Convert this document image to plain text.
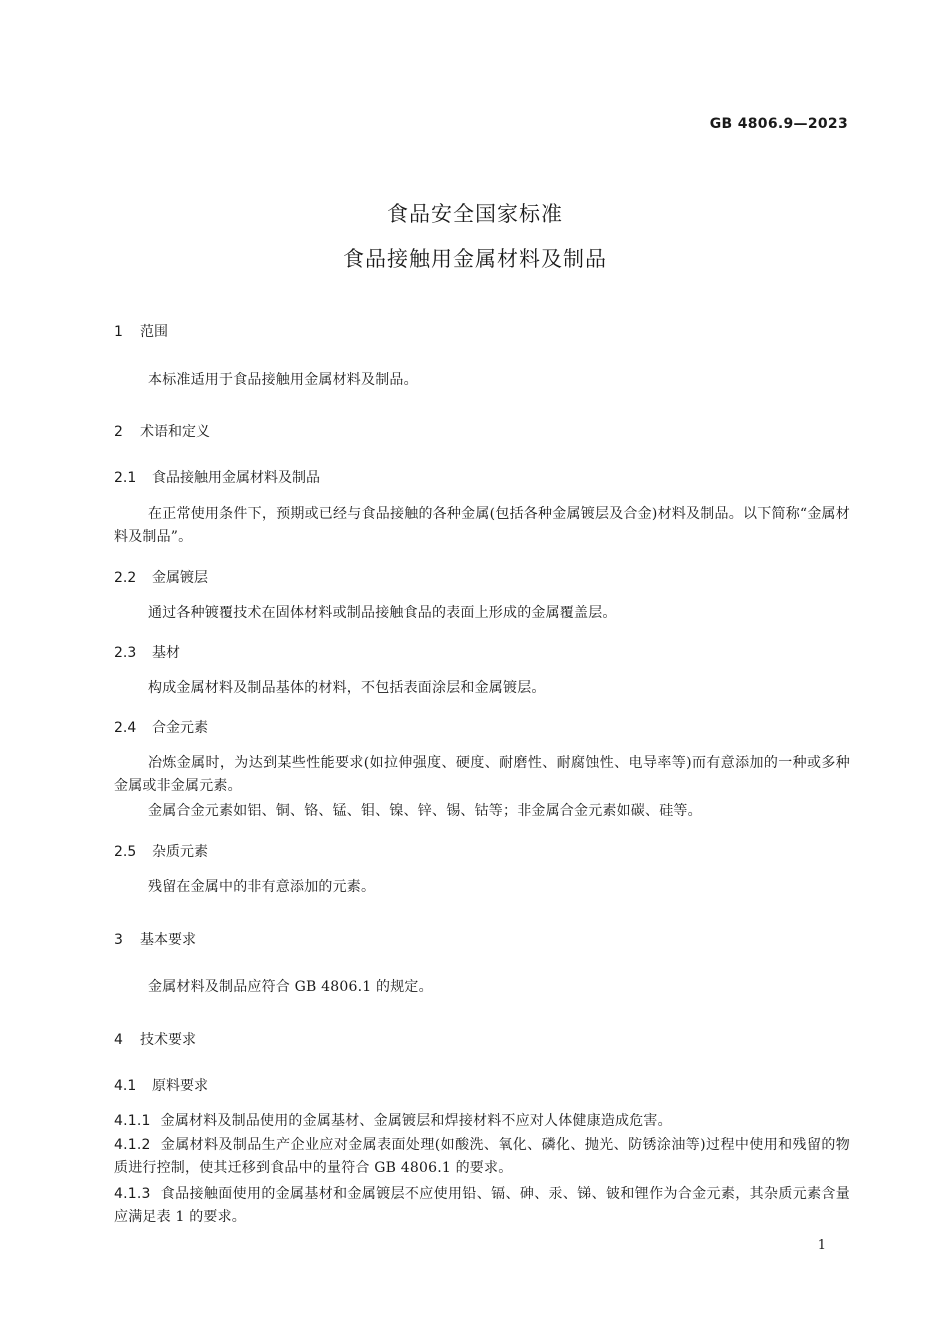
GB 4806.9—2023
食品安全国家标准
食品接触用金属材料及制品
1 范围
本标准适用于食品接触用金属材料及制品。
2 术语和定义
2.1 食品接触用金属材料及制品
在正常使用条件下，预期或已经与食品接触的各种金属(包括各种金属镀层及合金)材料及制品。以下简称“金属材料及制品”。
2.2 金属镀层
通过各种镀覆技术在固体材料或制品接触食品的表面上形成的金属覆盖层。
2.3 基材
构成金属材料及制品基体的材料，不包括表面涂层和金属镀层。
2.4 合金元素
冶炼金属时，为达到某些性能要求(如拉伸强度、硬度、耐磨性、耐腐蚀性、电导率等)而有意添加的一种或多种金属或非金属元素。
金属合金元素如铝、铜、铬、锰、钼、镍、锌、锡、钴等；非金属合金元素如碳、硅等。
2.5 杂质元素
残留在金属中的非有意添加的元素。
3 基本要求
金属材料及制品应符合 GB 4806.1 的规定。
4 技术要求
4.1 原料要求
4.1.1 金属材料及制品使用的金属基材、金属镀层和焊接材料不应对人体健康造成危害。
4.1.2 金属材料及制品生产企业应对金属表面处理(如酸洗、氧化、磷化、抛光、防锈涂油等)过程中使用和残留的物质进行控制，使其迁移到食品中的量符合 GB 4806.1 的要求。
4.1.3 食品接触面使用的金属基材和金属镀层不应使用铅、镉、砷、汞、锑、铍和锂作为合金元素，其杂质元素含量应满足表 1 的要求。
1
